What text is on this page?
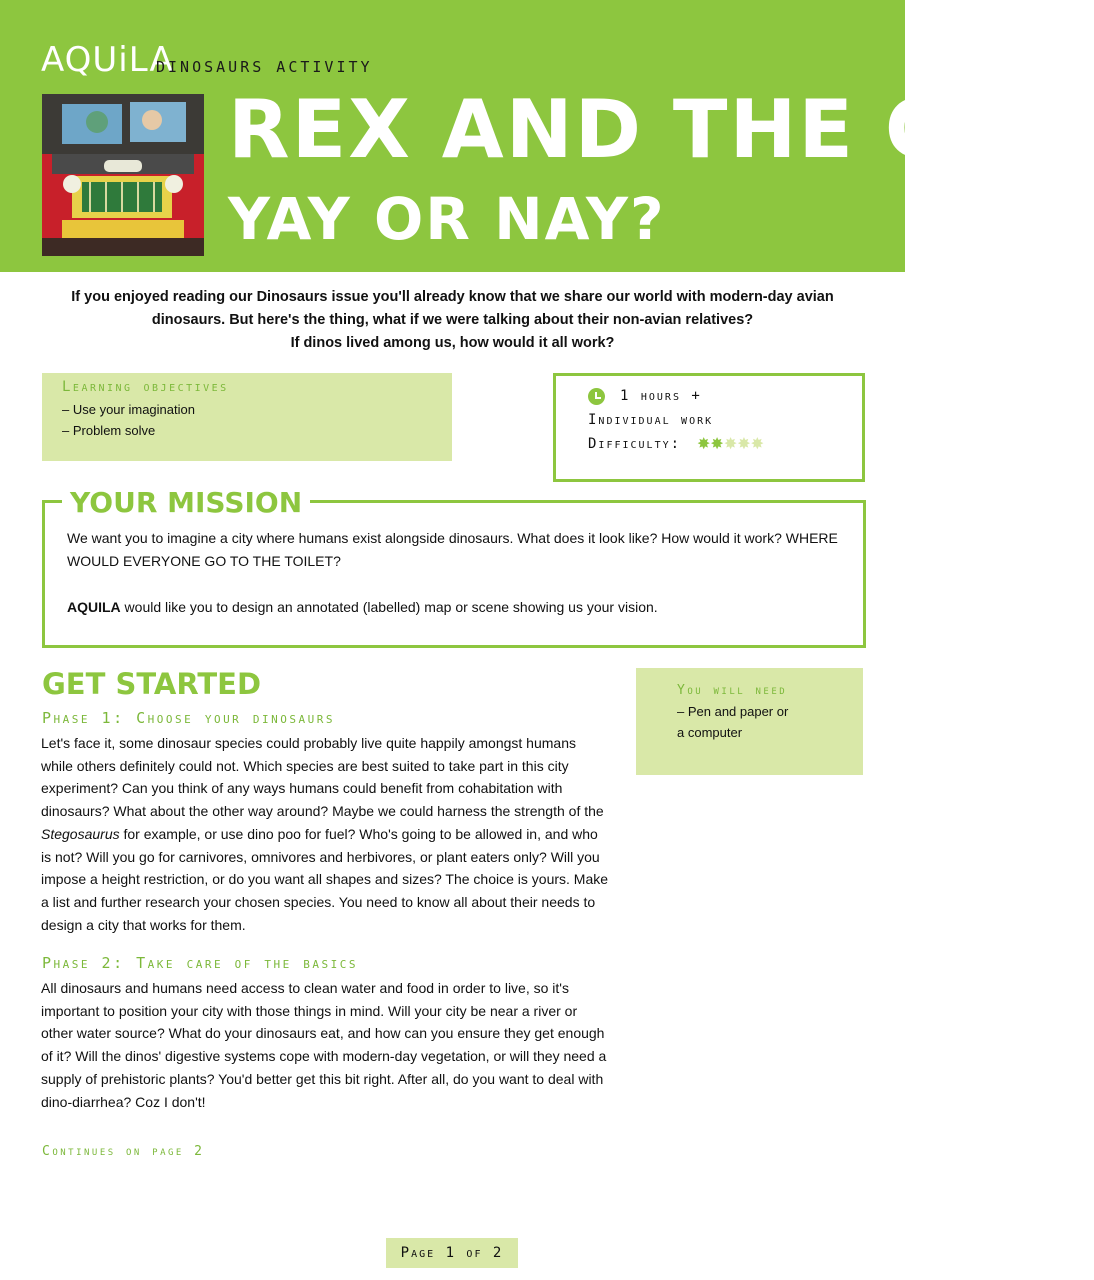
AQUiLA
DINOSAURS ACTIVITY
REX AND THE CITY
YAY OR NAY?
If you enjoyed reading our Dinosaurs issue you'll already know that we share our world with modern-day avian dinosaurs. But here's the thing, what if we were talking about their non-avian relatives?
If dinos lived among us, how would it all work?
Learning objectives
– Use your imagination
– Problem solve
1 hours +
Individual work
Difficulty: ✸✸✸✸✸
YOUR MISSION
We want you to imagine a city where humans exist alongside dinosaurs. What does it look like? How would it work? WHERE WOULD EVERYONE GO TO THE TOILET?
AQUILA would like you to design an annotated (labelled) map or scene showing us your vision.
GET STARTED
Phase 1: Choose your dinosaurs
Let's face it, some dinosaur species could probably live quite happily amongst humans while others definitely could not. Which species are best suited to take part in this city experiment? Can you think of any ways humans could benefit from cohabitation with dinosaurs? What about the other way around? Maybe we could harness the strength of the Stegosaurus for example, or use dino poo for fuel? Who's going to be allowed in, and who is not? Will you go for carnivores, omnivores and herbivores, or plant eaters only? Will you impose a height restriction, or do you want all shapes and sizes? The choice is yours. Make a list and further research your chosen species. You need to know all about their needs to design a city that works for them.
Phase 2: Take care of the basics
All dinosaurs and humans need access to clean water and food in order to live, so it's important to position your city with those things in mind. Will your city be near a river or other water source? What do your dinosaurs eat, and how can you ensure they get enough of it? Will the dinos' digestive systems cope with modern-day vegetation, or will they need a supply of prehistoric plants? You'd better get this bit right. After all, do you want to deal with dino-diarrhea? Coz I don't!
Continues on page 2
You will need
– Pen and paper or
a computer
Page 1 of 2
